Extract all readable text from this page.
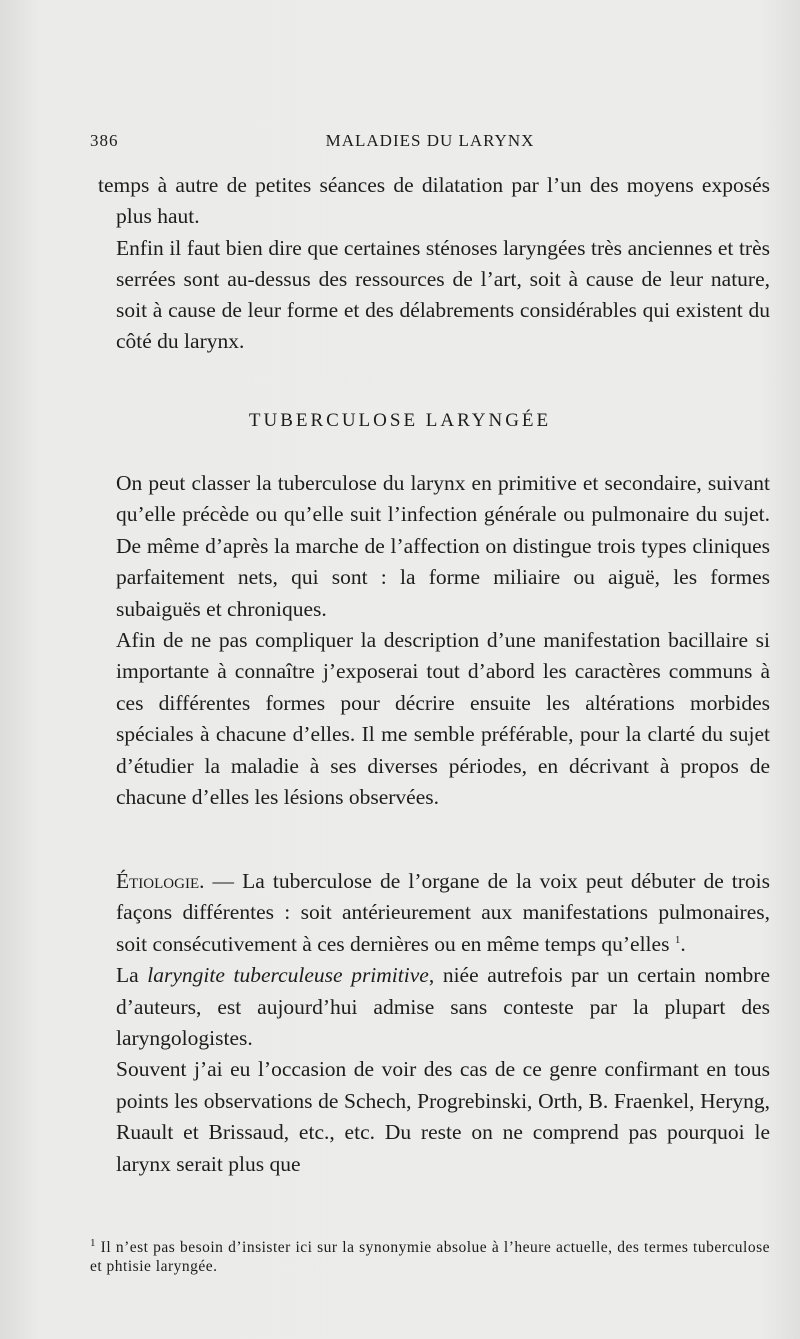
386	MALADIES DU LARYNX

temps à autre de petites séances de dilatation par l’un des moyens exposés plus haut.

Enfin il faut bien dire que certaines sténoses laryngées très anciennes et très serrées sont au-dessus des ressources de l’art, soit à cause de leur nature, soit à cause de leur forme et des délabrements considérables qui existent du côté du larynx.

TUBERCULOSE LARYNGÉE

On peut classer la tuberculose du larynx en primitive et secondaire, suivant qu’elle précède ou qu’elle suit l’infection générale ou pulmonaire du sujet. De même d’après la marche de l’affection on distingue trois types cliniques parfaitement nets, qui sont : la forme miliaire ou aiguë, les formes subaiguës et chroniques.

Afin de ne pas compliquer la description d’une manifestation bacillaire si importante à connaître j’exposerai tout d’abord les caractères communs à ces différentes formes pour décrire ensuite les altérations morbides spéciales à chacune d’elles. Il me semble préférable, pour la clarté du sujet d’étudier la maladie à ses diverses périodes, en décrivant à propos de chacune d’elles les lésions observées.

Étiologie. — La tuberculose de l’organe de la voix peut débuter de trois façons différentes : soit antérieurement aux manifestations pulmonaires, soit consécutivement à ces dernières ou en même temps qu’elles $^1$.

La laryngite tuberculeuse primitive, niée autrefois par un certain nombre d’auteurs, est aujourd’hui admise sans conteste par la plupart des laryngologistes.

Souvent j’ai eu l’occasion de voir des cas de ce genre confirmant en tous points les observations de Schech, Progrebinski, Orth, B. Fraenkel, Heryng, Ruault et Brissaud, etc., etc. Du reste on ne comprend pas pourquoi le larynx serait plus que

$^1$ Il n’est pas besoin d’insister ici sur la synonymie absolue à l’heure actuelle, des termes tuberculose et phtisie laryngée.
